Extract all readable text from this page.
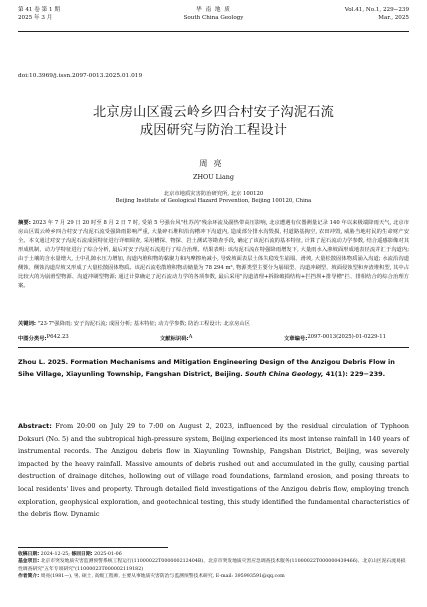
第 41 卷 第 1 期
2025 年 3 月
华 南 地 质
South China Geology
Vol.41, No.1, 229−239
Mar., 2025
doi:10.3969/j.issn.2097-0013.2025.01.019
北京房山区霞云岭乡四合村安子沟泥石流
成因研究与防治工程设计
周亮
ZHOU Liang
北京市地质灾害防治研究所, 北京 100120
Beijing Institute of Geological Hazard Prevention, Beijing 100120, China
摘要: 2023 年 7 月 29 日 20 时至 8 月 2 日 7 时, 受第 5 号强台风"杜苏芮"残余环流及副热带高压影响, 北京遭遇有仪器测量记录 140 年以来极端降雨天气, 北京市房山区霞云岭乡四合村安子沟泥石流受强降雨影响严重, 大量碎石堆积沿沟槽冲下沟道内, 造成部分排水沟毁损, 村道路基掏空, 农田冲毁, 威胁当地村民的生命财产安全。本文通过对安子沟泥石流成因特征进行详细调查, 采用槽探、物探、岩土测试等勘查手段, 确定了该泥石流的基本特征, 计算了泥石流动力学参数, 结合遥感影像对其形成机制、动力学特征进行了综合分析, 最后对安子沟泥石流进行了综合治理。结果表明: 该沟泥石流在特强降雨增发下, 大量雨水入渗坡面形成地表径流并汇于沟道内; 由于土壤的含水量增大, 土中孔隙水压力增加, 沟道内堆积物的黏聚力和内摩擦角减小, 导致坡面表层土体失稳发生崩塌、滑坡, 大量松散固体物质涌入沟道; 水流沿沟道侧蚀、侧蚀沟道岸坡又形成了大量松散固体物质。该泥石流松散堆积物动储量为 78 294 m³, 物源类型主要分为崩塌型、沟道冲刷型、坡面侵蚀型和弃渣堆积型, 其中占比较大的为崩滑型物源、沟道冲刷型物源; 通过计算确定了泥石流动力学的各项参数, 最后采用"沟道清理+拆除破损结构+拦挡坝+排导槽"拦、排相结合的综合治理方案。
关键词: "23·7"强降雨; 安子沟泥石流; 成因分析; 基本特征; 动力学参数; 防治工程设计; 北京房山区
中图分类号: P642.23	文献标识码: A	文章编号: 2097-0013(2025)-01-0229-11
Zhou L. 2025. Formation Mechanisms and Mitigation Engineering Design of the Anzigou Debris Flow in Sihe Village, Xiayunling Township, Fangshan District, Beijing. South China Geology, 41(1): 229−239.
Abstract: From 20:00 on July 29 to 7:00 on August 2, 2023, influenced by the residual circulation of Typhoon Doksuri (No. 5) and the subtropical high-pressure system, Beijing experienced its most intense rainfall in 140 years of instrumental records. The Anzigou debris flow in Xiayunling Township, Fangshan District, Beijing, was severely impacted by the heavy rainfall. Massive amounts of debris rushed out and accumulated in the gully, causing partial destruction of drainage ditches, hollowing out of village road foundations, farmland erosion, and posing threats to local residents' lives and property. Through detailed field investigations of the Anzigou debris flow, employing trench exploration, geophysical exploration, and geotechnical testing, this study identified the fundamental characteristics of the debris flow. Dynamic
收稿日期: 2024-12-25; 修回日期: 2025-01-06
基金项目: 北京市突发地质灾害监测预警系统工程运行(11000022T000000212404B)、北京市突发地质灾害应急调查技术服务(11000022T000000439466)、北京山区泥石流易损性调查研究"五年专项研究"(11000023T000002119182)
作者简介: 周亮(1981—), 男, 硕士, 高级工程师, 主要从事地质灾害防治与监测预警技术研究, E-mail: 395993591@qq.com
